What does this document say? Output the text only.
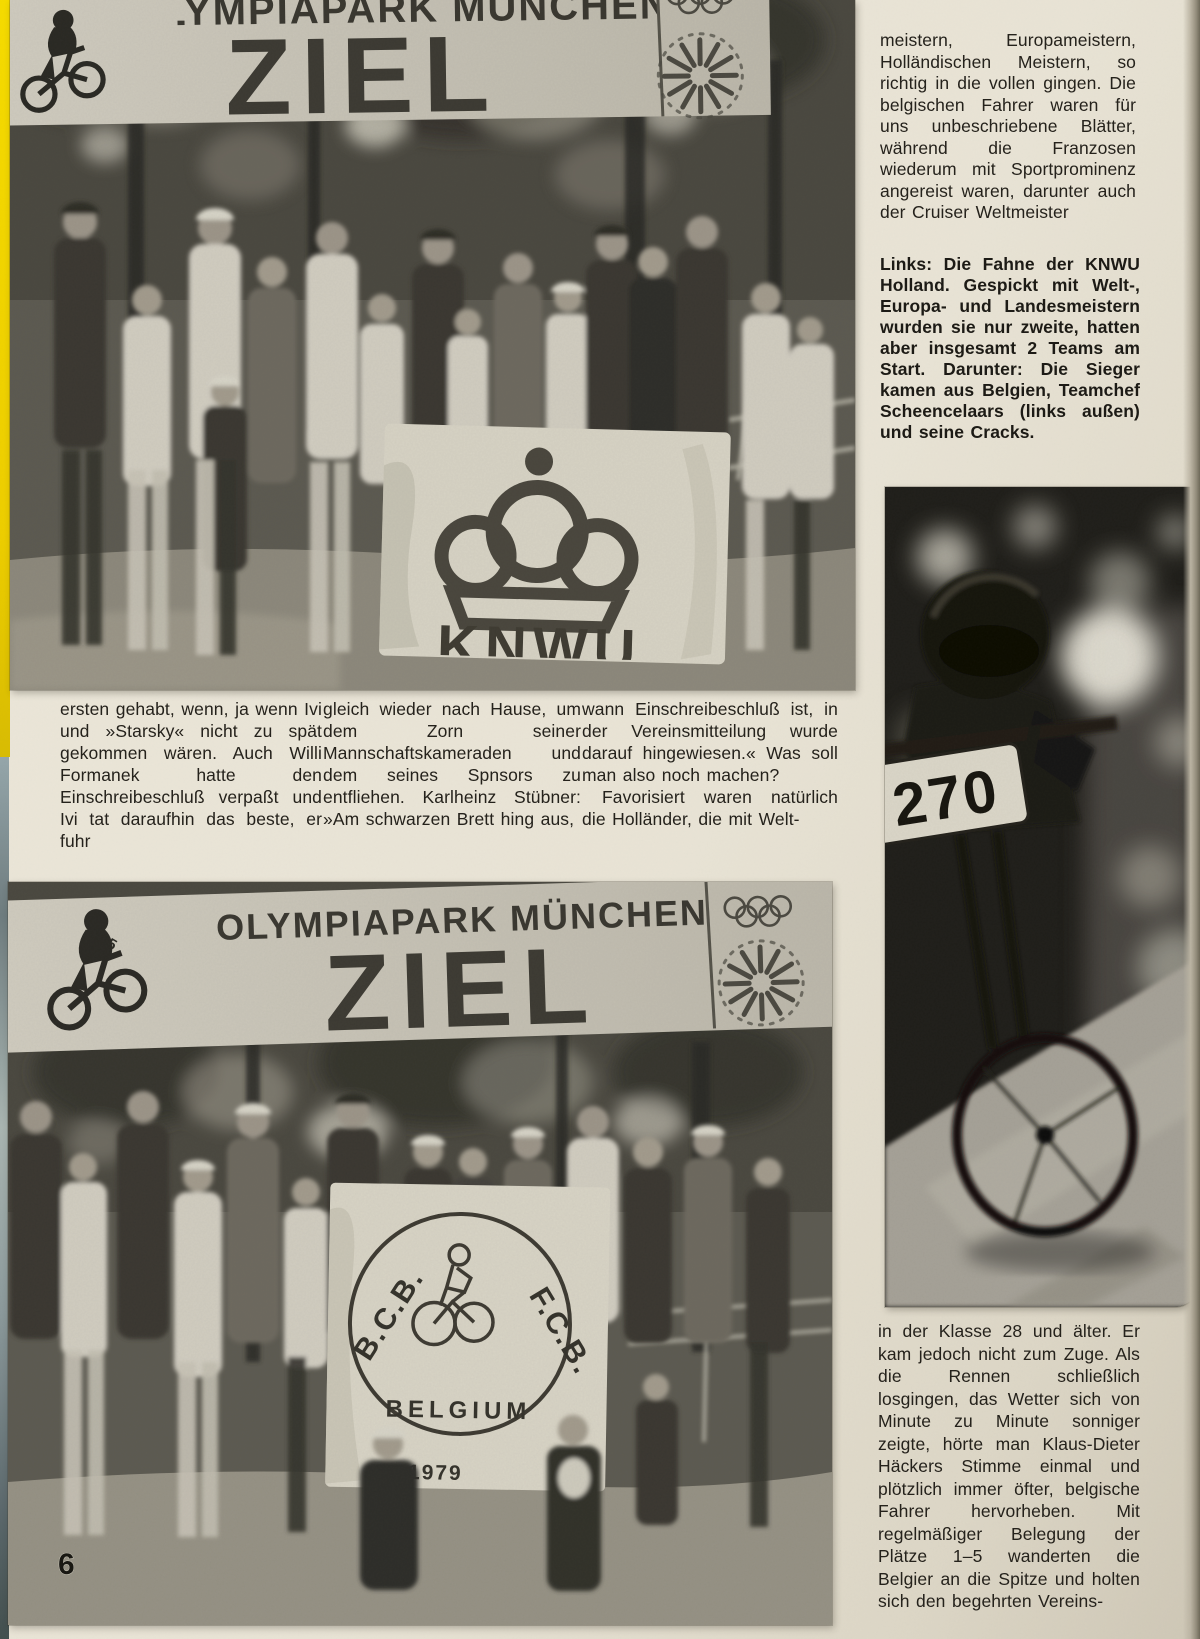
ersten gehabt, wenn, ja wenn Ivi und »Starsky« nicht zu spät gekommen wären. Auch Willi Formanek hatte den Einschreibeschluß verpaßt und Ivi tat daraufhin das beste, er fuhr

gleich wieder nach Hause, um dem Zorn seiner Mannschaftskameraden und dem seines Spnsors zu entfliehen. Karlheinz Stübner: »Am schwarzen Brett hing aus,

wann Einschreibeschluß ist, in der Vereinsmitteilung wurde darauf hingewiesen.« Was soll man also noch machen?

Favorisiert waren natürlich die Holländer, die mit Welt-

meistern, Europameistern, Holländischen Meistern, so richtig in die vollen gingen. Die belgischen Fahrer waren für uns unbeschriebene Blätter, während die Franzosen wiederum mit Sportprominenz angereist waren, darunter auch der Cruiser Weltmeister

Links: Die Fahne der KNWU Holland. Gespickt mit Welt-, Europa- und Landesmeistern wurden sie nur zweite, hatten aber insgesamt 2 Teams am Start. Darunter: Die Sieger kamen aus Belgien, Teamchef Scheencelaars (links außen) und seine Cracks.

in der Klasse 28 und älter. Er kam jedoch nicht zum Zuge. Als die Rennen schließlich losgingen, das Wetter sich von Minute zu Minute sonniger zeigte, hörte man Klaus-Dieter Häckers Stimme einmal und plötzlich immer öfter, belgische Fahrer hervorheben. Mit regelmäßiger Belegung der Plätze 1–5 wanderten die Belgier an die Spitze und holten sich den begehrten Vereins-
